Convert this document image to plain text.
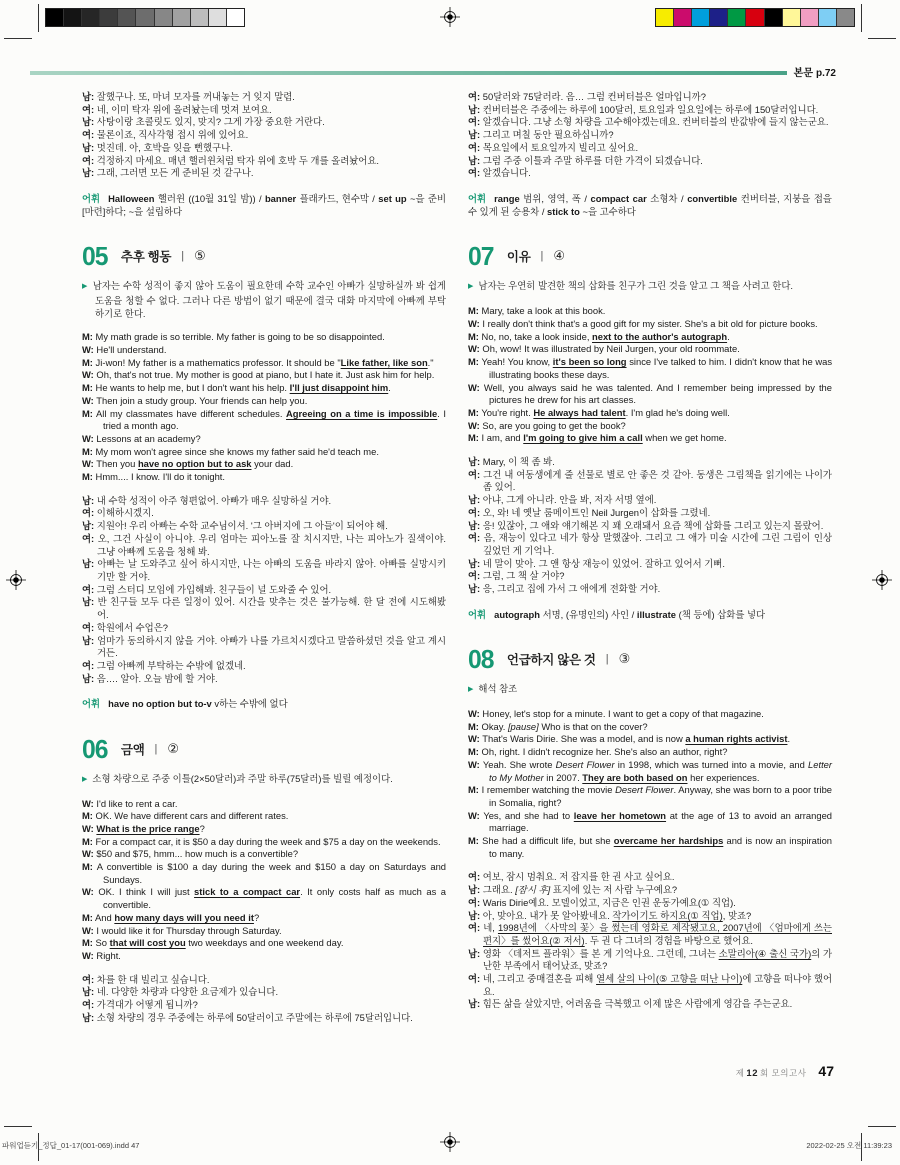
본문 p.72

남: 잘했구나. 또, 마녀 모자를 꺼내놓는 거 잊지 말렴.

여: 네, 이미 탁자 위에 올려놨는데 멋져 보여요.

남: 사탕이랑 초콜릿도 있지, 맞지? 그게 가장 중요한 거란다.

여: 물론이죠, 직사각형 접시 위에 있어요.

남: 멋진데. 아, 호박을 잊을 뻔했구나.

여: 걱정하지 마세요. 매년 핼러윈처럼 탁자 위에 호박 두 개를 올려놨어요.

남: 그래, 그러면 모든 게 준비된 것 같구나.

어휘 Halloween 핼러윈 ((10월 31일 밤)) / banner 플래카드, 현수막 / set up ~을 준비[마련]하다; ~을 설립하다

05 추후 행동 | ⑤

▶ 남자는 수학 성적이 좋지 않아 도움이 필요한데 수학 교수인 아빠가 실망하실까 봐 쉽게 도움을 청할 수 없다. 그러나 다른 방법이 없기 때문에 결국 대화 마지막에 아빠께 부탁하기로 한다.

M: My math grade is so terrible. My father is going to be so disappointed.

W: He'll understand.

M: Ji-won! My father is a mathematics professor. It should be "Like father, like son."

W: Oh, that's not true. My mother is good at piano, but I hate it. Just ask him for help.

M: He wants to help me, but I don't want his help. I'll just disappoint him.

W: Then join a study group. Your friends can help you.

M: All my classmates have different schedules. Agreeing on a time is impossible. I tried a month ago.

W: Lessons at an academy?

M: My mom won't agree since she knows my father said he'd teach me.

W: Then you have no option but to ask your dad.

M: Hmm.... I know. I'll do it tonight.

남: 내 수학 성적이 아주 형편없어. 아빠가 매우 실망하실 거야.

여: 이해하시겠지.

남: 지원아! 우리 아빠는 수학 교수님이셔. '그 아버지에 그 아들'이 되어야 해.

여: 오, 그건 사실이 아니야. 우리 엄마는 피아노를 잘 치시지만, 나는 피아노가 질색이야. 그냥 아빠께 도움을 청해 봐.

남: 아빠는 날 도와주고 싶어 하시지만, 나는 아빠의 도움을 바라지 않아. 아빠를 실망시키기만 할 거야.

여: 그럼 스터디 모임에 가입해봐. 친구들이 널 도와줄 수 있어.

남: 반 친구들 모두 다른 일정이 있어. 시간을 맞추는 것은 불가능해. 한 달 전에 시도해봤어.

여: 학원에서 수업은?

남: 엄마가 동의하시지 않을 거야. 아빠가 나를 가르치시겠다고 말씀하셨던 것을 알고 계시거든.

여: 그럼 아빠께 부탁하는 수밖에 없겠네.

남: 음…. 알아. 오늘 밤에 할 거야.

어휘 have no option but to-v v하는 수밖에 없다

06 금액 | ②

▶ 소형 차량으로 주중 이틀(2×50달러)과 주말 하루(75달러)를 빌릴 예정이다.

W: I'd like to rent a car.

M: OK. We have different cars and different rates.

W: What is the price range?

M: For a compact car, it is $50 a day during the week and $75 a day on the weekends.

W: $50 and $75, hmm... how much is a convertible?

M: A convertible is $100 a day during the week and $150 a day on Saturdays and Sundays.

W: OK. I think I will just stick to a compact car. It only costs half as much as a convertible.

M: And how many days will you need it?

W: I would like it for Thursday through Saturday.

M: So that will cost you two weekdays and one weekend day.

W: Right.

여: 차를 한 대 빌리고 싶습니다.

남: 네. 다양한 차량과 다양한 요금제가 있습니다.

여: 가격대가 어떻게 됩니까?

남: 소형 차량의 경우 주중에는 하루에 50달러이고 주말에는 하루에 75달러입니다.

여: 50달러와 75달러라. 음… 그럼 컨버터블은 얼마입니까?

남: 컨버터블은 주중에는 하루에 100달러, 토요일과 일요일에는 하루에 150달러입니다.

여: 알겠습니다. 그냥 소형 차량을 고수해야겠는데요. 컨버터블의 반값밖에 들지 않는군요.

남: 그리고 며칠 동안 필요하십니까?

여: 목요일에서 토요일까지 빌리고 싶어요.

남: 그럼 주중 이틀과 주말 하루를 더한 가격이 되겠습니다.

여: 알겠습니다.

어휘 range 범위, 영역, 폭 / compact car 소형차 / convertible 컨버터블, 지붕을 접을 수 있게 된 승용차 / stick to ~을 고수하다

07 이유 | ④

▶ 남자는 우연히 발견한 책의 삽화를 친구가 그린 것을 알고 그 책을 사려고 한다.

M: Mary, take a look at this book.

W: I really don't think that's a good gift for my sister. She's a bit old for picture books.

M: No, no, take a look inside, next to the author's autograph.

W: Oh, wow! It was illustrated by Neil Jurgen, your old roommate.

M: Yeah! You know, it's been so long since I've talked to him. I didn't know that he was illustrating books these days.

W: Well, you always said he was talented. And I remember being impressed by the pictures he drew for his art classes.

M: You're right. He always had talent. I'm glad he's doing well.

W: So, are you going to get the book?

M: I am, and I'm going to give him a call when we get home.

남: Mary, 이 책 좀 봐.

여: 그건 내 여동생에게 줄 선물로 별로 안 좋은 것 같아. 동생은 그림책을 읽기에는 나이가 좀 있어.

남: 아냐, 그게 아니라. 안을 봐, 저자 서명 옆에.

여: 오, 와! 네 옛날 룸메이트인 Neil Jurgen이 삽화를 그렸네.

남: 응! 있잖아, 그 애와 얘기해본 지 꽤 오래돼서 요즘 책에 삽화를 그리고 있는지 몰랐어.

여: 음, 재능이 있다고 네가 항상 말했잖아. 그리고 그 애가 미술 시간에 그린 그림이 인상 깊었던 게 기억나.

남: 네 말이 맞아. 그 앤 항상 재능이 있었어. 잘하고 있어서 기뻐.

여: 그럼, 그 책 살 거야?

남: 응, 그리고 집에 가서 그 애에게 전화할 거야.

어휘 autograph 서명, (유명인의) 사인 / illustrate (책 등에) 삽화를 넣다

08 언급하지 않은 것 | ③

▶ 해석 참조

W: Honey, let's stop for a minute. I want to get a copy of that magazine.

M: Okay. [pause] Who is that on the cover?

W: That's Waris Dirie. She was a model, and is now a human rights activist.

M: Oh, right. I didn't recognize her. She's also an author, right?

W: Yeah. She wrote Desert Flower in 1998, which was turned into a movie, and Letter to My Mother in 2007. They are both based on her experiences.

M: I remember watching the movie Desert Flower. Anyway, she was born to a poor tribe in Somalia, right?

W: Yes, and she had to leave her hometown at the age of 13 to avoid an arranged marriage.

M: She had a difficult life, but she overcame her hardships and is now an inspiration to many.

여: 여보, 잠시 멈춰요. 저 잡지를 한 권 사고 싶어요.

남: 그래요. [잠시 후] 표지에 있는 저 사람 누구예요?

여: Waris Dirie예요. 모델이었고, 지금은 인권 운동가예요(① 직업).

남: 아, 맞아요. 내가 못 알아봤네요. 작가이기도 하지요(① 직업), 맞죠?

여: 네, 1998년에 〈사막의 꽃〉을 썼는데 영화로 제작됐고요, 2007년에 〈엄마에게 쓰는 편지〉를 썼어요(② 저서). 두 권 다 그녀의 경험을 바탕으로 했어요.

남: 영화 〈데저트 플라워〉를 본 게 기억나요. 그런데, 그녀는 소말리아(④ 출신 국가)의 가난한 부족에서 태어났죠, 맞죠?

여: 네, 그리고 중매결혼을 피해 열세 살의 나이(⑤ 고향을 떠난 나이)에 고향을 떠나야 했어요.

남: 힘든 삶을 살았지만, 어려움을 극복했고 이제 많은 사람에게 영감을 주는군요.

제 12 회 모의고사 47
파워업듣기_정답_01-17(001-069).indd 47	2022-02-25 오전 11:39:23
